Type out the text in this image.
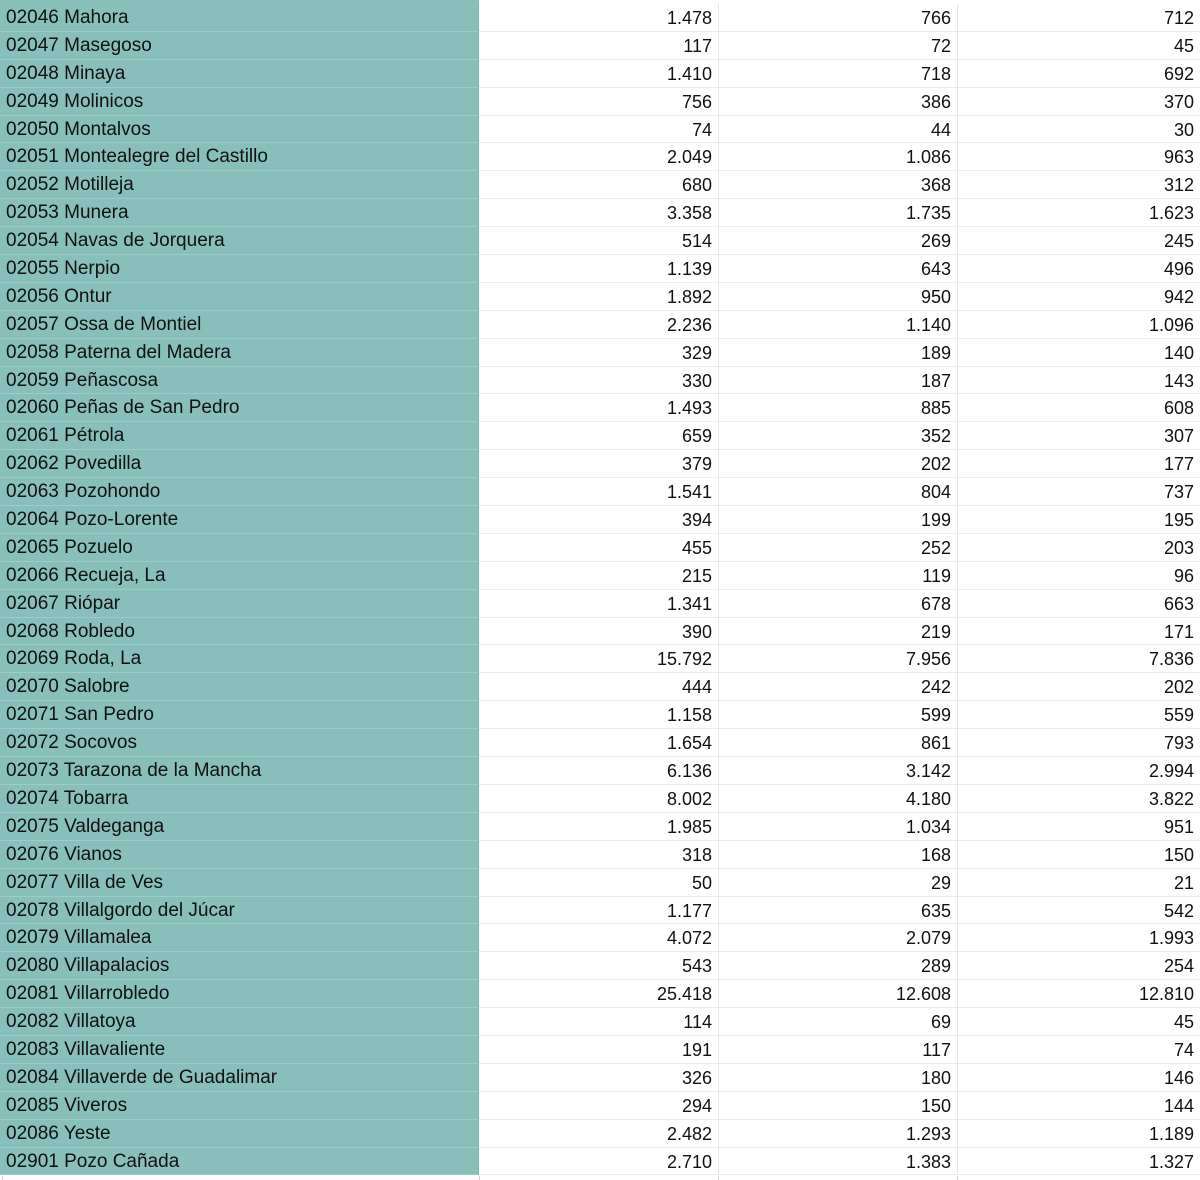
02046 Mahora	1.478	766	712
02047 Masegoso	117	72	45
02048 Minaya	1.410	718	692
02049 Molinicos	756	386	370
02050 Montalvos	74	44	30
02051 Montealegre del Castillo	2.049	1.086	963
02052 Motilleja	680	368	312
02053 Munera	3.358	1.735	1.623
02054 Navas de Jorquera	514	269	245
02055 Nerpio	1.139	643	496
02056 Ontur	1.892	950	942
02057 Ossa de Montiel	2.236	1.140	1.096
02058 Paterna del Madera	329	189	140
02059 Peñascosa	330	187	143
02060 Peñas de San Pedro	1.493	885	608
02061 Pétrola	659	352	307
02062 Povedilla	379	202	177
02063 Pozohondo	1.541	804	737
02064 Pozo-Lorente	394	199	195
02065 Pozuelo	455	252	203
02066 Recueja, La	215	119	96
02067 Riópar	1.341	678	663
02068 Robledo	390	219	171
02069 Roda, La	15.792	7.956	7.836
02070 Salobre	444	242	202
02071 San Pedro	1.158	599	559
02072 Socovos	1.654	861	793
02073 Tarazona de la Mancha	6.136	3.142	2.994
02074 Tobarra	8.002	4.180	3.822
02075 Valdeganga	1.985	1.034	951
02076 Vianos	318	168	150
02077 Villa de Ves	50	29	21
02078 Villalgordo del Júcar	1.177	635	542
02079 Villamalea	4.072	2.079	1.993
02080 Villapalacios	543	289	254
02081 Villarrobledo	25.418	12.608	12.810
02082 Villatoya	114	69	45
02083 Villavaliente	191	117	74
02084 Villaverde de Guadalimar	326	180	146
02085 Viveros	294	150	144
02086 Yeste	2.482	1.293	1.189
02901 Pozo Cañada	2.710	1.383	1.327
